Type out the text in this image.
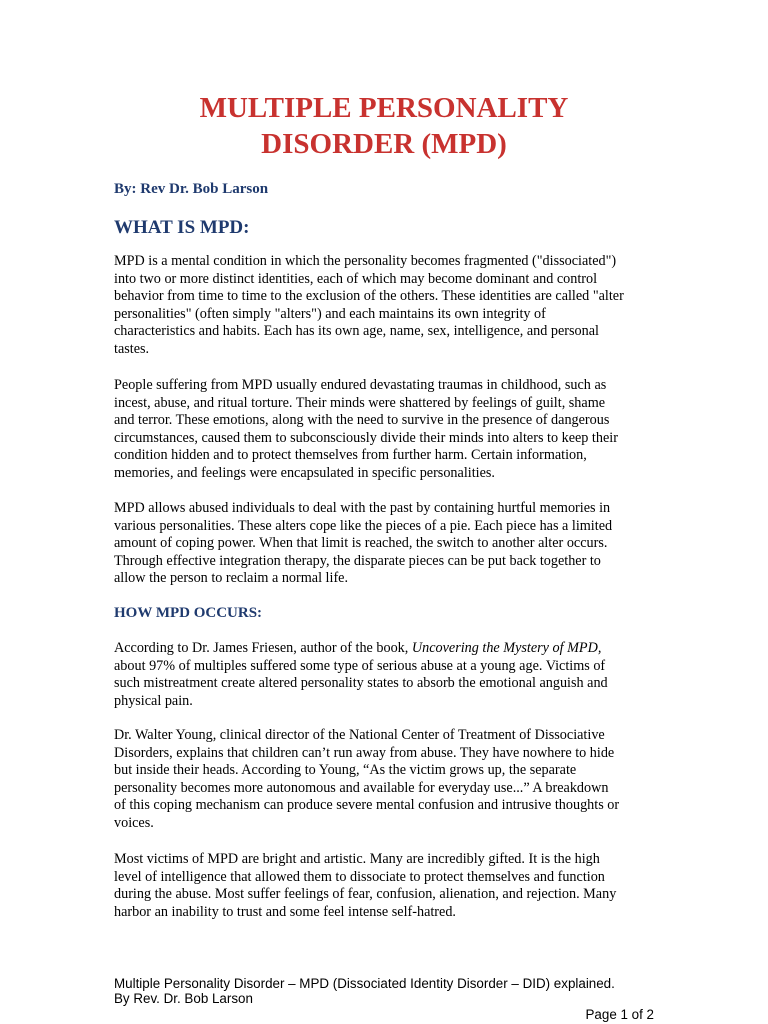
MULTIPLE PERSONALITY
DISORDER (MPD)

By: Rev Dr. Bob Larson

WHAT IS MPD:

MPD is a mental condition in which the personality becomes fragmented ("dissociated")
into two or more distinct identities, each of which may become dominant and control
behavior from time to time to the exclusion of the others. These identities are called "alter
personalities" (often simply "alters") and each maintains its own integrity of
characteristics and habits. Each has its own age, name, sex, intelligence, and personal
tastes.

People suffering from MPD usually endured devastating traumas in childhood, such as
incest, abuse, and ritual torture. Their minds were shattered by feelings of guilt, shame
and terror. These emotions, along with the need to survive in the presence of dangerous
circumstances, caused them to subconsciously divide their minds into alters to keep their
condition hidden and to protect themselves from further harm. Certain information,
memories, and feelings were encapsulated in specific personalities.

MPD allows abused individuals to deal with the past by containing hurtful memories in
various personalities. These alters cope like the pieces of a pie. Each piece has a limited
amount of coping power. When that limit is reached, the switch to another alter occurs.
Through effective integration therapy, the disparate pieces can be put back together to
allow the person to reclaim a normal life.

HOW MPD OCCURS:

According to Dr. James Friesen, author of the book, Uncovering the Mystery of MPD,
about 97% of multiples suffered some type of serious abuse at a young age. Victims of
such mistreatment create altered personality states to absorb the emotional anguish and
physical pain.

Dr. Walter Young, clinical director of the National Center of Treatment of Dissociative
Disorders, explains that children can’t run away from abuse. They have nowhere to hide
but inside their heads. According to Young, “As the victim grows up, the separate
personality becomes more autonomous and available for everyday use...” A breakdown
of this coping mechanism can produce severe mental confusion and intrusive thoughts or
voices.

Most victims of MPD are bright and artistic. Many are incredibly gifted. It is the high
level of intelligence that allowed them to dissociate to protect themselves and function
during the abuse. Most suffer feelings of fear, confusion, alienation, and rejection. Many
harbor an inability to trust and some feel intense self-hatred.

Multiple Personality Disorder – MPD (Dissociated Identity Disorder – DID) explained.

By Rev. Dr. Bob Larson

Page 1 of 2
